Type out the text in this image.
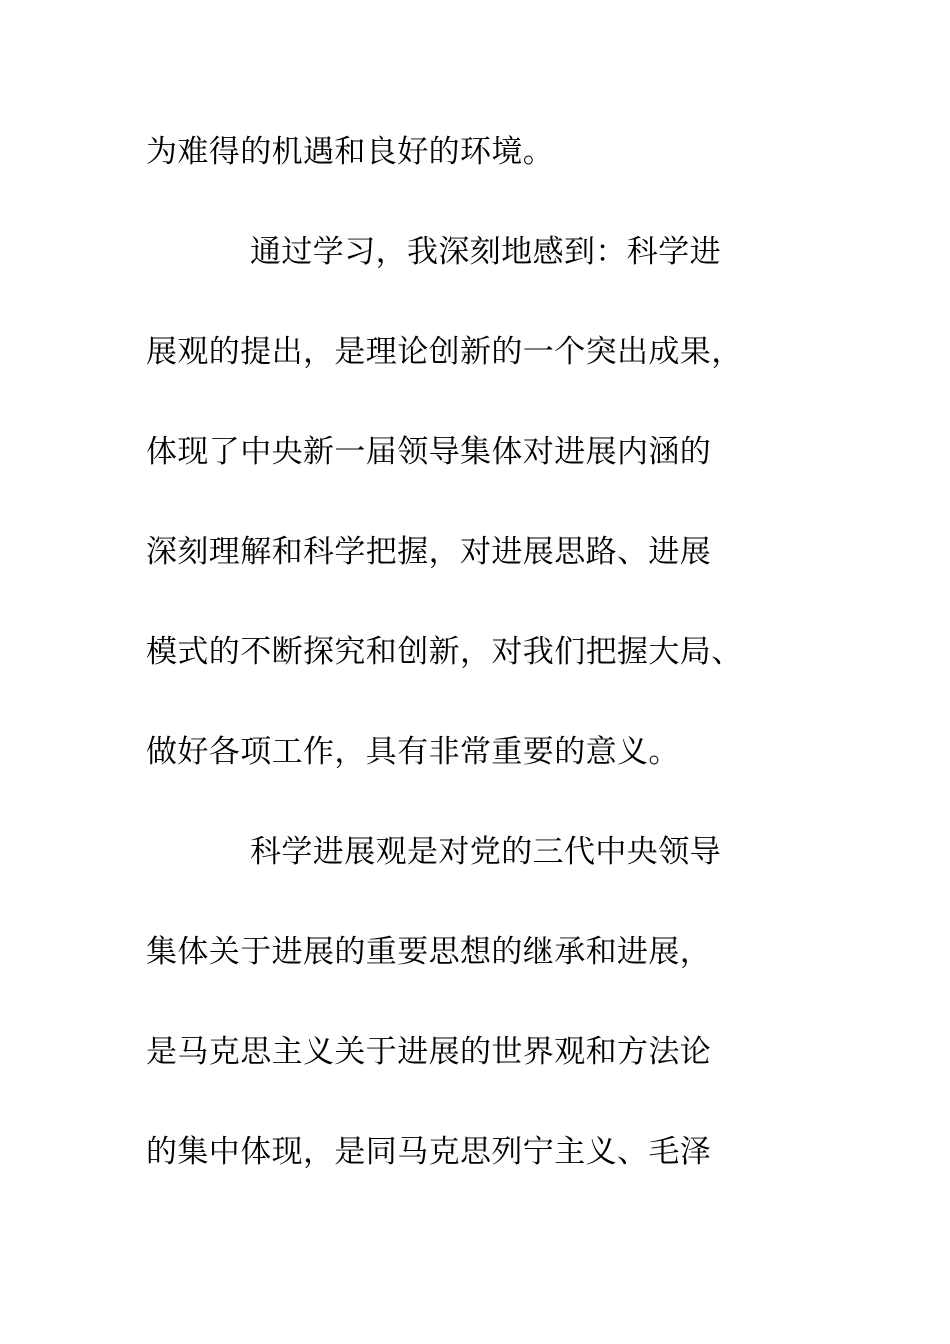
为难得的机遇和良好的环境。
通过学习，我深刻地感到：科学进
展观的提出，是理论创新的一个突出成果，
体现了中央新一届领导集体对进展内涵的
深刻理解和科学把握，对进展思路、进展
模式的不断探究和创新，对我们把握大局、
做好各项工作，具有非常重要的意义。
科学进展观是对党的三代中央领导
集体关于进展的重要思想的继承和进展，
是马克思主义关于进展的世界观和方法论
的集中体现，是同马克思列宁主义、毛泽
